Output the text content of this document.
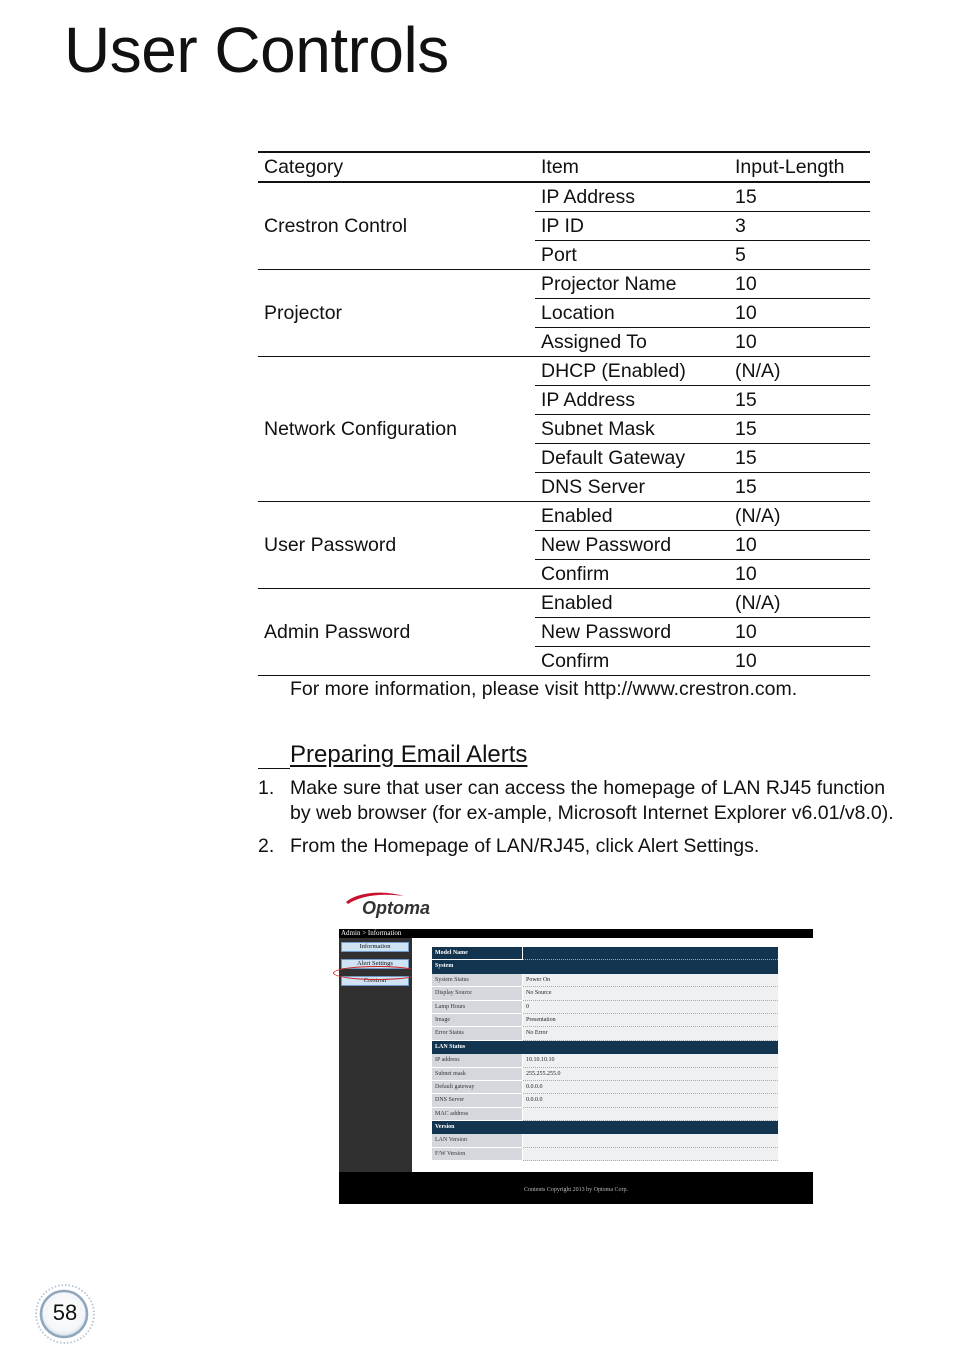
User Controls
Category	Item	Input-Length
Crestron Control	IP Address	15
	IP ID	3
	Port	5
Projector	Projector Name	10
	Location	10
	Assigned To	10
Network Configuration	DHCP (Enabled)	(N/A)
	IP Address	15
	Subnet Mask	15
	Default Gateway	15
	DNS Server	15
User Password	Enabled	(N/A)
	New Password	10
	Confirm	10
Admin Password	Enabled	(N/A)
	New Password	10
	Confirm	10
For more information, please visit http://www.crestron.com.
Preparing Email Alerts
1. Make sure that user can access the homepage of LAN RJ45 function by web browser (for ex-ample, Microsoft Internet Explorer v6.01/v8.0).
2. From the Homepage of LAN/RJ45, click Alert Settings.
Optoma
Admin > Information
Information
Alert Settings
Crestron
Model Name
System
System Status	Power On
Display Source	No Source
Lamp Hours	0
Image	Presentation
Error Status	No Error
LAN Status
IP address	10.10.10.10
Subnet mask	255.255.255.0
Default gateway	0.0.0.0
DNS Server	0.0.0.0
MAC address
Version
LAN Version
F/W Version
Contents Copyright 2013 by Optoma Corp.
58
